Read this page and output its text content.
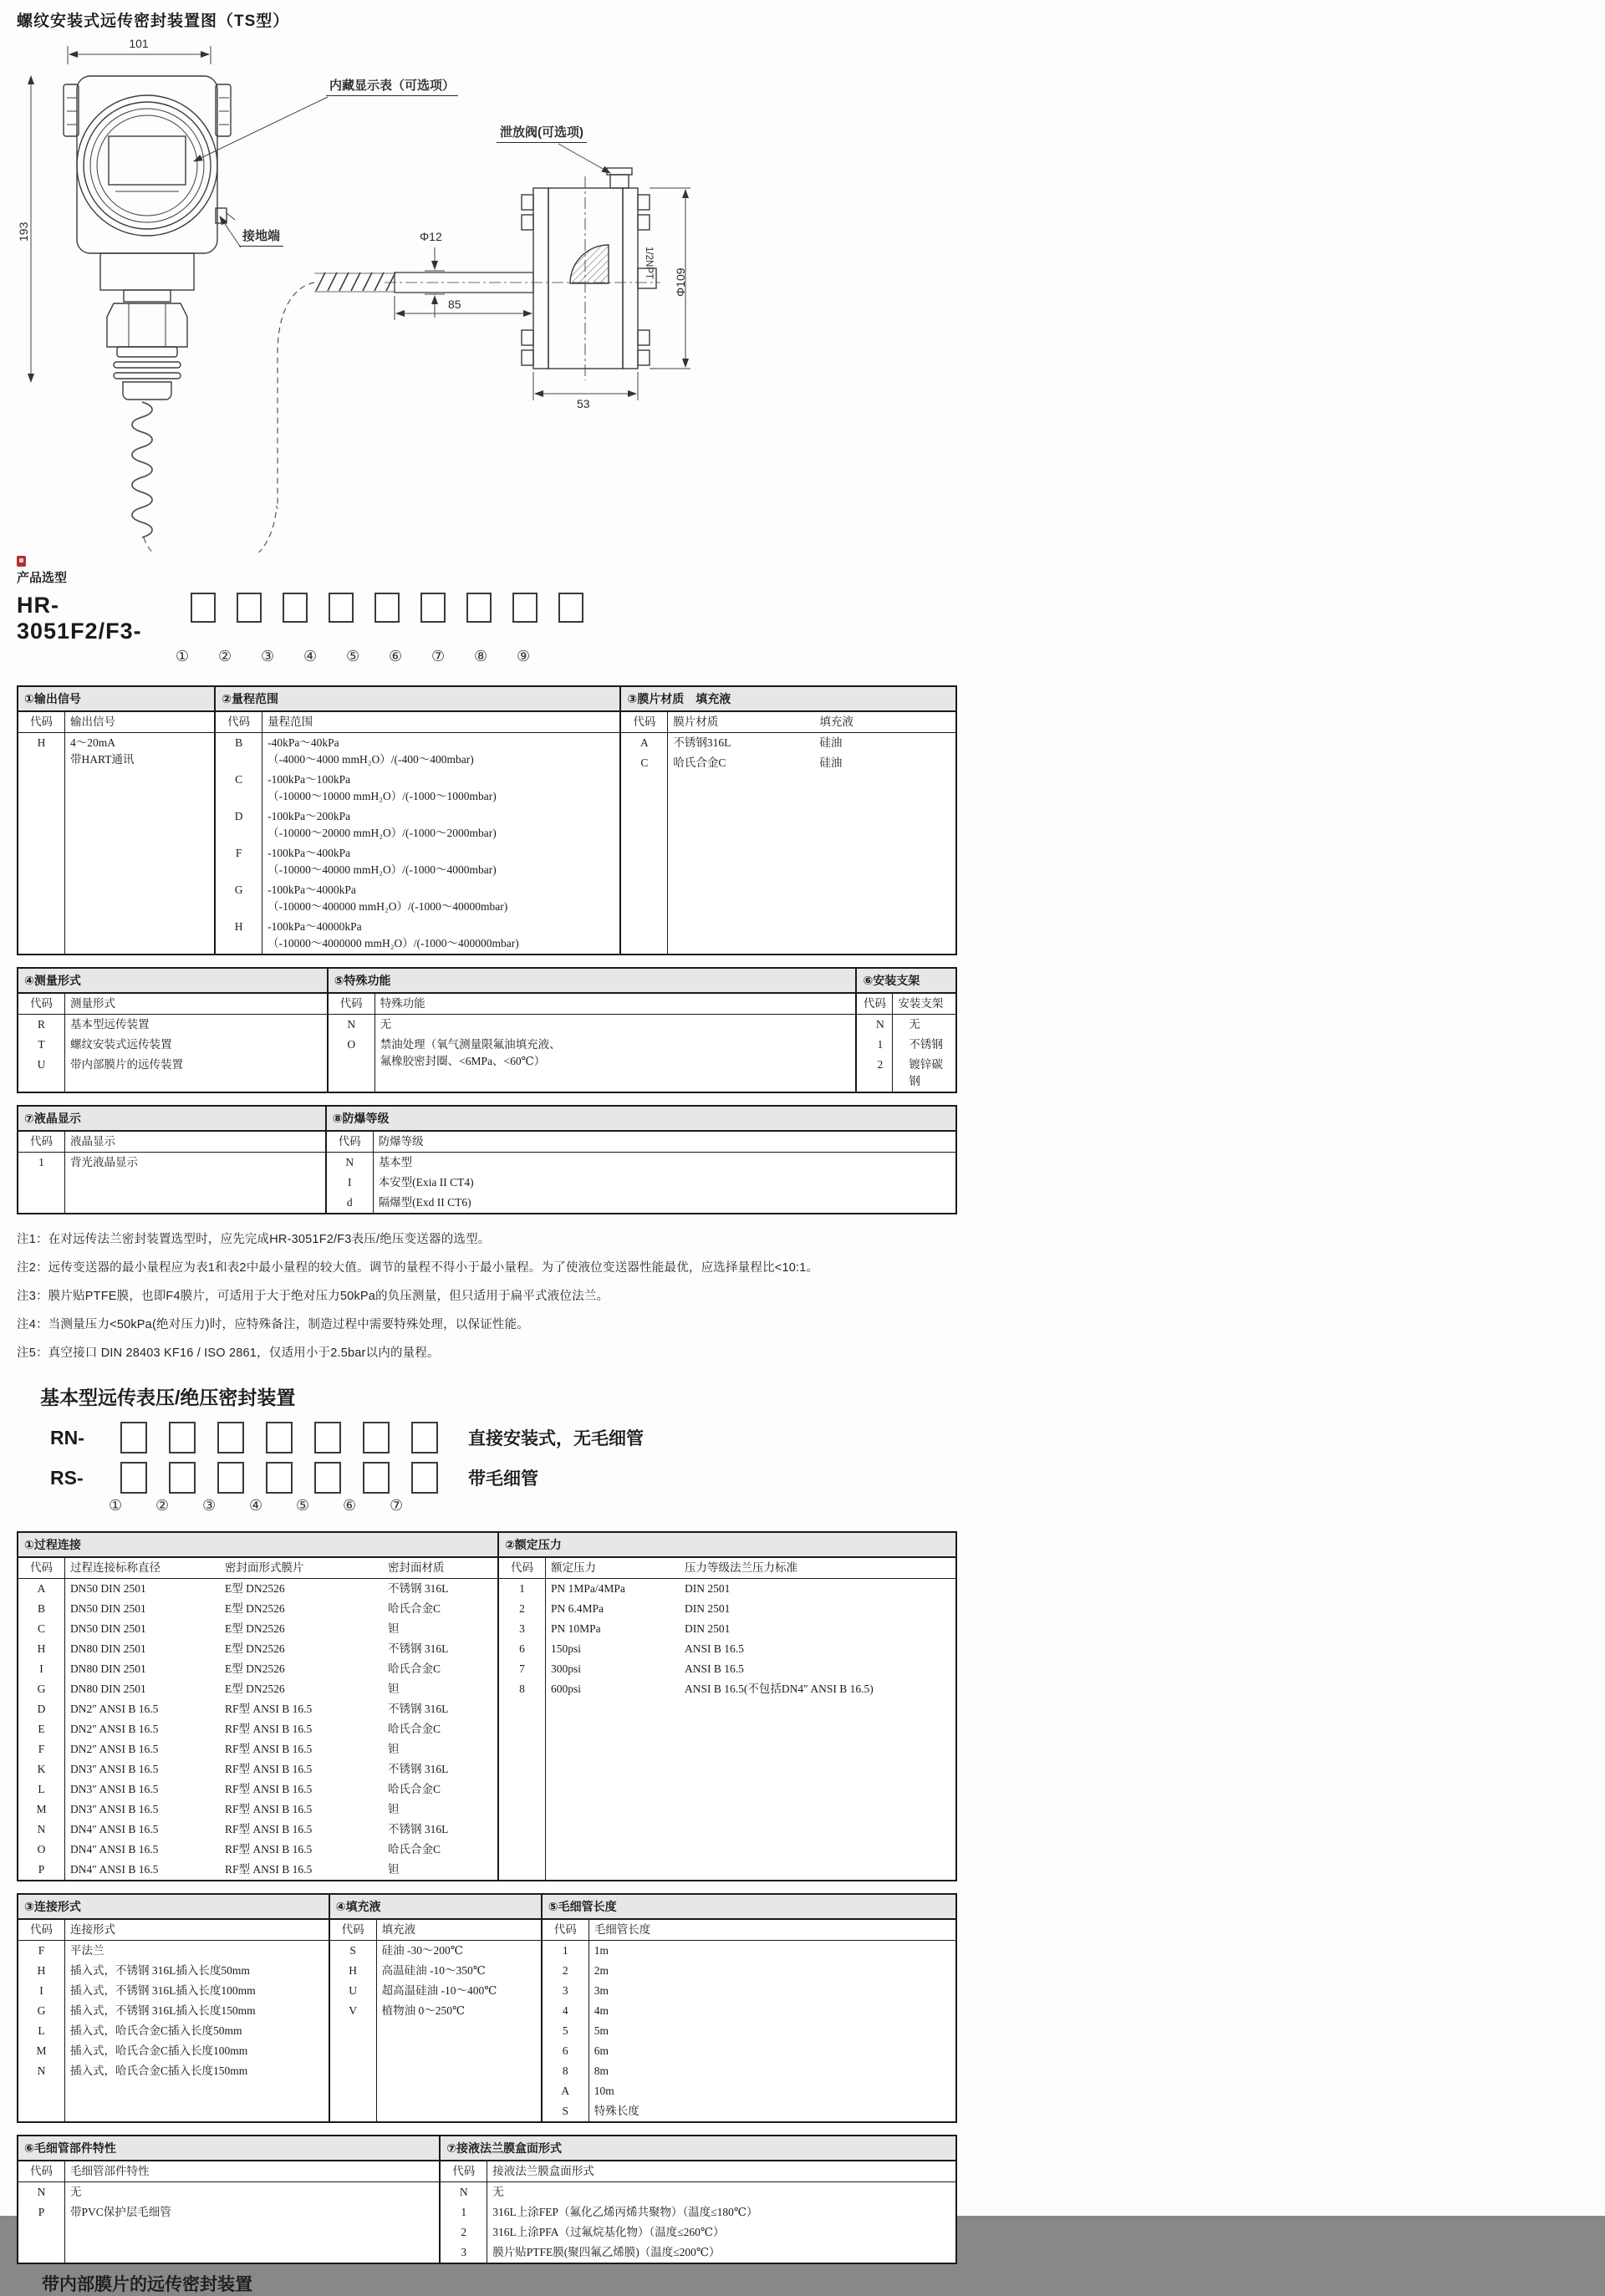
螺纹安装式远传密封装置图（TS型）
101
193
内藏显示表（可选项）
泄放阀(可选项)
接地端	Φ12
85
Φ109
1/2NPT
53
产品选型
HR-3051F2/F3-
①	②	③	④	⑤	⑥	⑦	⑧	⑨
①输出信号
代码	输出信号
H	4～20mA
带HART通讯
②量程范围
代码	量程范围
B	-40kPa～40kPa
（-4000～4000 mmH₂O）/(-400～400mbar)
C	-100kPa～100kPa
（-10000～10000 mmH₂O）/(-1000～1000mbar)
D	-100kPa～200kPa
（-10000～20000 mmH₂O）/(-1000～2000mbar)
F	-100kPa～400kPa
（-10000～40000 mmH₂O）/(-1000～4000mbar)
G	-100kPa～4000kPa
（-10000～400000 mmH₂O）/(-1000～40000mbar)
H	-100kPa～40000kPa
（-10000～4000000 mmH₂O）/(-1000～400000mbar)
③膜片材质　填充液
代码	膜片材质	填充液
A	不锈钢316L	硅油
C	哈氏合金C	硅油
④测量形式
代码	测量形式
R	基本型远传装置
T	螺纹安装式远传装置
U	带内部膜片的远传装置
⑤特殊功能
代码	特殊功能
N	无
O	禁油处理（氧气测量限氟油填充液、
氟橡胶密封圈、<6MPa、<60℃）
⑥安装支架
代码	安装支架
N	无
1	不锈钢
2	镀锌碳钢
⑦液晶显示
代码	液晶显示
1	背光液晶显示
⑧防爆等级
代码	防爆等级
N	基本型
I	本安型(Exia II CT4)
d	隔爆型(Exd II CT6)
注1：在对远传法兰密封装置选型时，应先完成HR-3051F2/F3表压/绝压变送器的选型。
注2：远传变送器的最小量程应为表1和表2中最小量程的较大值。调节的量程不得小于最小量程。为了使液位变送器性能最优，应选择量程比<10:1。
注3：膜片贴PTFE膜，也即F4膜片，可适用于大于绝对压力50kPa的负压测量，但只适用于扁平式液位法兰。
注4：当测量压力<50kPa(绝对压力)时，应特殊备注，制造过程中需要特殊处理，以保证性能。
注5：真空接口 DIN 28403 KF16 / ISO 2861，仅适用小于2.5bar以内的量程。
基本型远传表压/绝压密封装置
RN-	直接安装式，无毛细管
RS-	带毛细管
①	②	③	④	⑤	⑥	⑦
①过程连接
代码	过程连接标称直径	密封面形式膜片	密封面材质
A	DN50 DIN 2501	E型 DN2526	不锈钢 316L
B	DN50 DIN 2501	E型 DN2526	哈氏合金C
C	DN50 DIN 2501	E型 DN2526	钽
H	DN80 DIN 2501	E型 DN2526	不锈钢 316L
I	DN80 DIN 2501	E型 DN2526	哈氏合金C
G	DN80 DIN 2501	E型 DN2526	钽
D	DN2″ ANSI B 16.5	RF型 ANSI B 16.5	不锈钢 316L
E	DN2″ ANSI B 16.5	RF型 ANSI B 16.5	哈氏合金C
F	DN2″ ANSI B 16.5	RF型 ANSI B 16.5	钽
K	DN3″ ANSI B 16.5	RF型 ANSI B 16.5	不锈钢 316L
L	DN3″ ANSI B 16.5	RF型 ANSI B 16.5	哈氏合金C
M	DN3″ ANSI B 16.5	RF型 ANSI B 16.5	钽
N	DN4″ ANSI B 16.5	RF型 ANSI B 16.5	不锈钢 316L
O	DN4″ ANSI B 16.5	RF型 ANSI B 16.5	哈氏合金C
P	DN4″ ANSI B 16.5	RF型 ANSI B 16.5	钽
②额定压力
代码	额定压力	压力等级法兰压力标准
1	PN 1MPa/4MPa	DIN 2501
2	PN 6.4MPa	DIN 2501
3	PN 10MPa	DIN 2501
6	150psi	ANSI B 16.5
7	300psi	ANSI B 16.5
8	600psi	ANSI B 16.5(不包括DN4″ ANSI B 16.5)
③连接形式
代码	连接形式
F	平法兰
H	插入式，不锈钢 316L插入长度50mm
I	插入式，不锈钢 316L插入长度100mm
G	插入式，不锈钢 316L插入长度150mm
L	插入式，哈氏合金C插入长度50mm
M	插入式，哈氏合金C插入长度100mm
N	插入式，哈氏合金C插入长度150mm
④填充液
代码	填充液
S	硅油 -30～200℃
H	高温硅油 -10～350℃
U	超高温硅油 -10～400℃
V	植物油 0～250℃
⑤毛细管长度
代码	毛细管长度
1	1m
2	2m
3	3m
4	4m
5	5m
6	6m
8	8m
A	10m
S	特殊长度
⑥毛细管部件特性
代码	毛细管部件特性
N	无
P	带PVC保护层毛细管
⑦接液法兰膜盒面形式
代码	接液法兰膜盒面形式
N	无
1	316L上涂FEP（氟化乙烯丙烯共聚物）（温度≤180℃）
2	316L上涂PFA（过氟烷基化物）（温度≤260℃）
3	膜片贴PTFE膜(聚四氟乙烯膜)（温度≤200℃）
带内部膜片的远传密封装置
